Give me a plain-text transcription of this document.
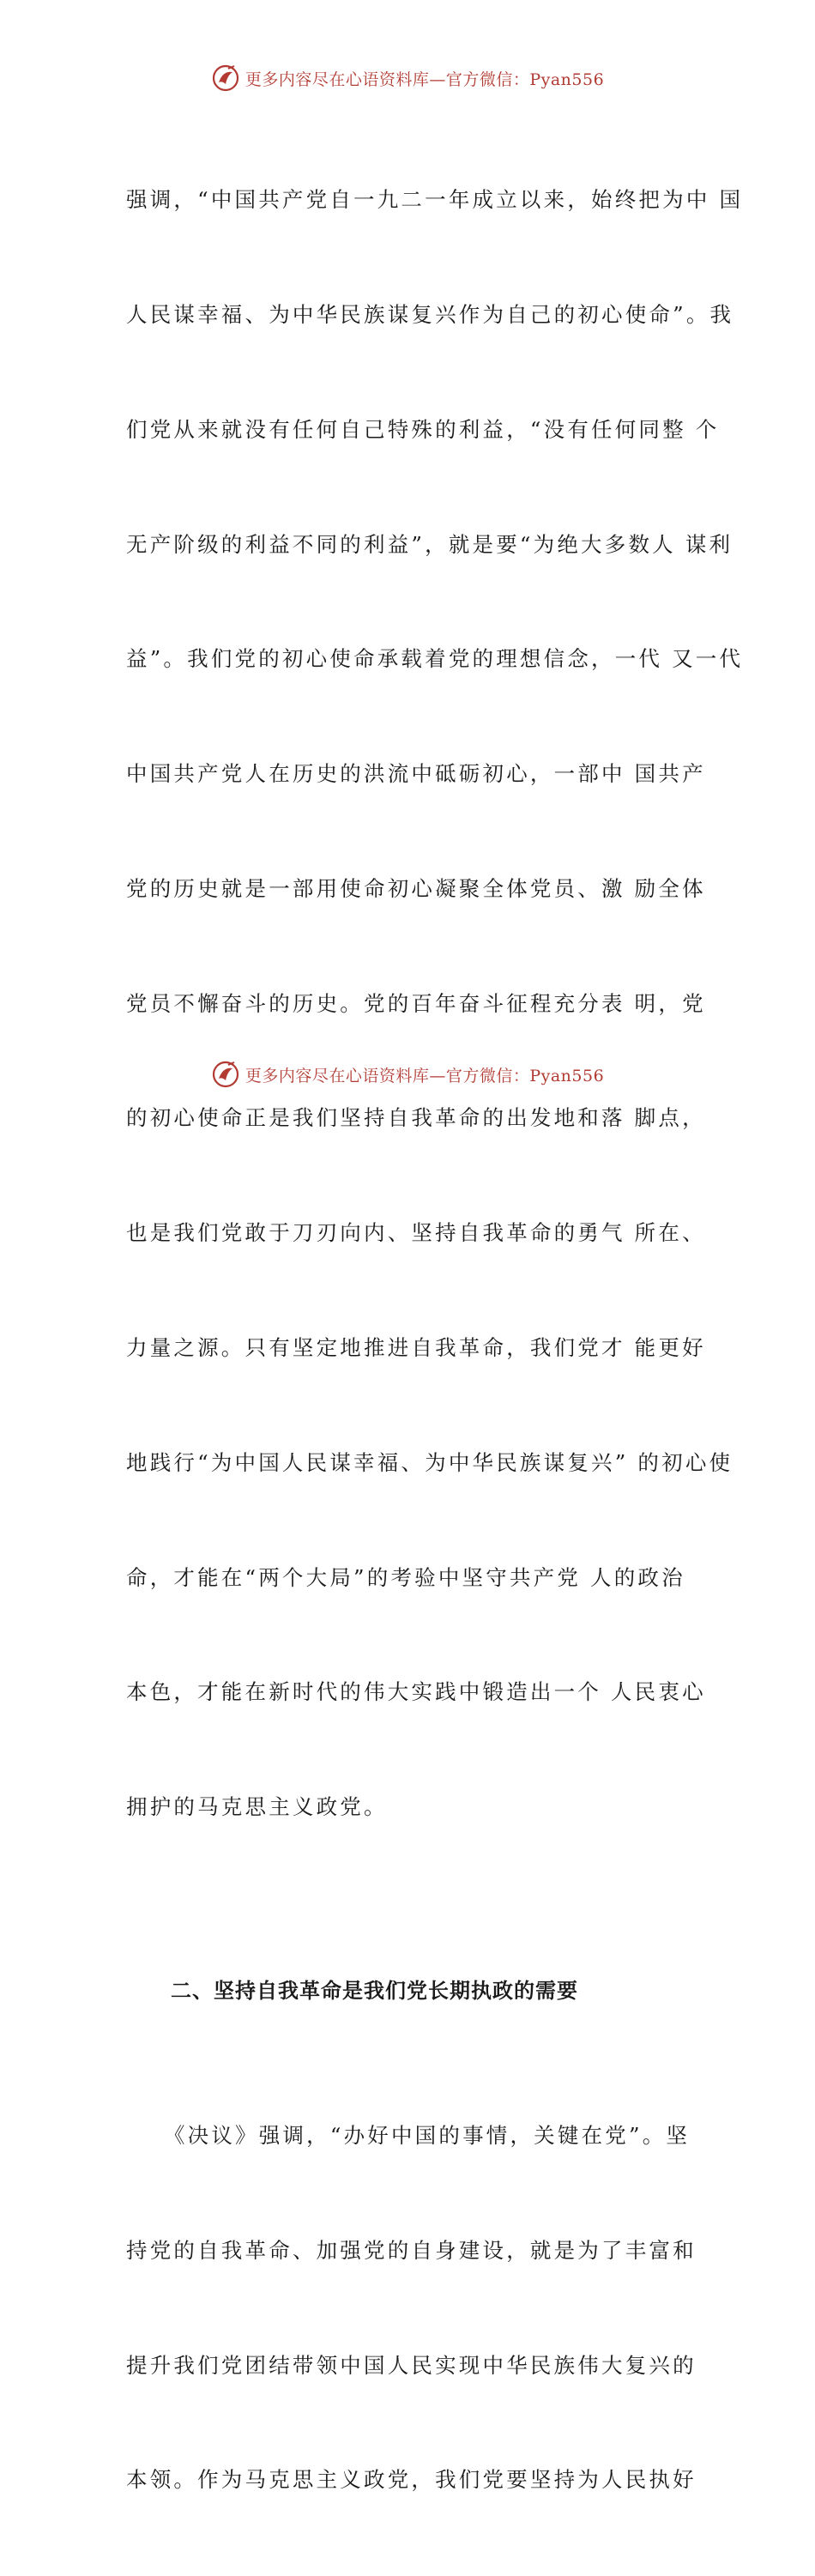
更多内容尽在心语资料库—官方微信：Pyan556

强调，“中国共产党自一九二一年成立以来，始终把为中 国

人民谋幸福、为中华民族谋复兴作为自己的初心使命”。我

们党从来就没有任何自己特殊的利益，“没有任何同整 个

无产阶级的利益不同的利益”，就是要“为绝大多数人 谋利

益”。我们党的初心使命承载着党的理想信念，一代 又一代

中国共产党人在历史的洪流中砥砺初心，一部中 国共产

党的历史就是一部用使命初心凝聚全体党员、激 励全体

党员不懈奋斗的历史。党的百年奋斗征程充分表 明，党

的初心使命正是我们坚持自我革命的出发地和落 脚点，

也是我们党敢于刀刃向内、坚持自我革命的勇气 所在、

力量之源。只有坚定地推进自我革命，我们党才 能更好

地践行“为中国人民谋幸福、为中华民族谋复兴” 的初心使

命，才能在“两个大局”的考验中坚守共产党 人的政治

本色，才能在新时代的伟大实践中锻造出一个 人民衷心

拥护的马克思主义政党。

二、坚持自我革命是我们党长期执政的需要

《决议》强调，“办好中国的事情，关键在党”。坚

持党的自我革命、加强党的自身建设，就是为了丰富和

提升我们党团结带领中国人民实现中华民族伟大复兴的

本领。作为马克思主义政党，我们党要坚持为人民执好

更多内容尽在心语资料库—官方微信：Pyan556
